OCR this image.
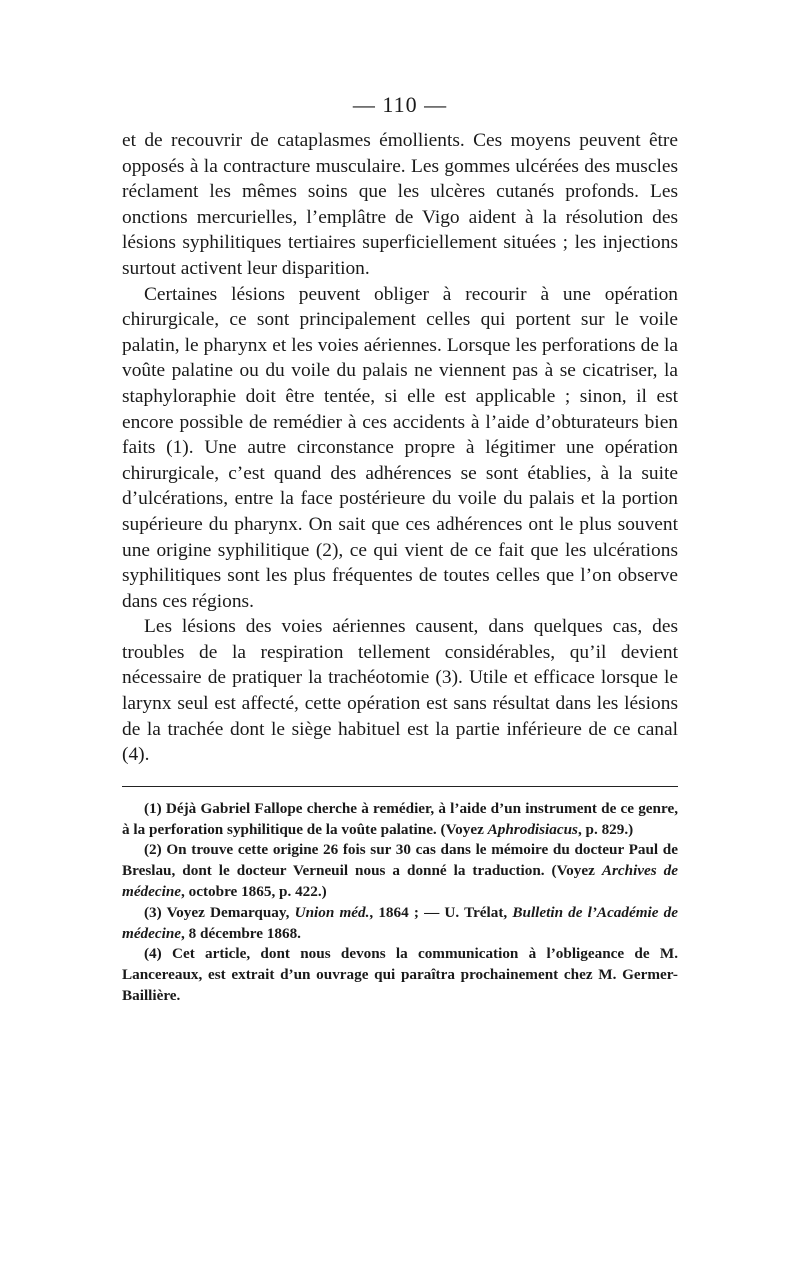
— 110 —

et de recouvrir de cataplasmes émollients. Ces moyens peuvent être opposés à la contracture musculaire. Les gommes ulcérées des muscles réclament les mêmes soins que les ulcères cutanés profonds. Les onctions mercurielles, l’emplâtre de Vigo aident à la résolution des lésions syphilitiques tertiaires superficiellement situées ; les injections surtout activent leur disparition.

Certaines lésions peuvent obliger à recourir à une opération chirurgicale, ce sont principalement celles qui portent sur le voile palatin, le pharynx et les voies aériennes. Lorsque les perforations de la voûte palatine ou du voile du palais ne viennent pas à se cicatriser, la staphyloraphie doit être tentée, si elle est applicable ; sinon, il est encore possible de remédier à ces accidents à l’aide d’obturateurs bien faits (1). Une autre circonstance propre à légitimer une opération chirurgicale, c’est quand des adhérences se sont établies, à la suite d’ulcérations, entre la face postérieure du voile du palais et la portion supérieure du pharynx. On sait que ces adhérences ont le plus souvent une origine syphilitique (2), ce qui vient de ce fait que les ulcérations syphilitiques sont les plus fréquentes de toutes celles que l’on observe dans ces régions.

Les lésions des voies aériennes causent, dans quelques cas, des troubles de la respiration tellement considérables, qu’il devient nécessaire de pratiquer la trachéotomie (3). Utile et efficace lorsque le larynx seul est affecté, cette opération est sans résultat dans les lésions de la trachée dont le siège habituel est la partie inférieure de ce canal (4).

(1) Déjà Gabriel Fallope cherche à remédier, à l’aide d’un instrument de ce genre, à la perforation syphilitique de la voûte palatine. (Voyez Aphrodisiacus, p. 829.)

(2) On trouve cette origine 26 fois sur 30 cas dans le mémoire du docteur Paul de Breslau, dont le docteur Verneuil nous a donné la traduction. (Voyez Archives de médecine, octobre 1865, p. 422.)

(3) Voyez Demarquay, Union méd., 1864 ; — U. Trélat, Bulletin de l’Académie de médecine, 8 décembre 1868.

(4) Cet article, dont nous devons la communication à l’obligeance de M. Lancereaux, est extrait d’un ouvrage qui paraîtra prochainement chez M. Germer-Baillière.
